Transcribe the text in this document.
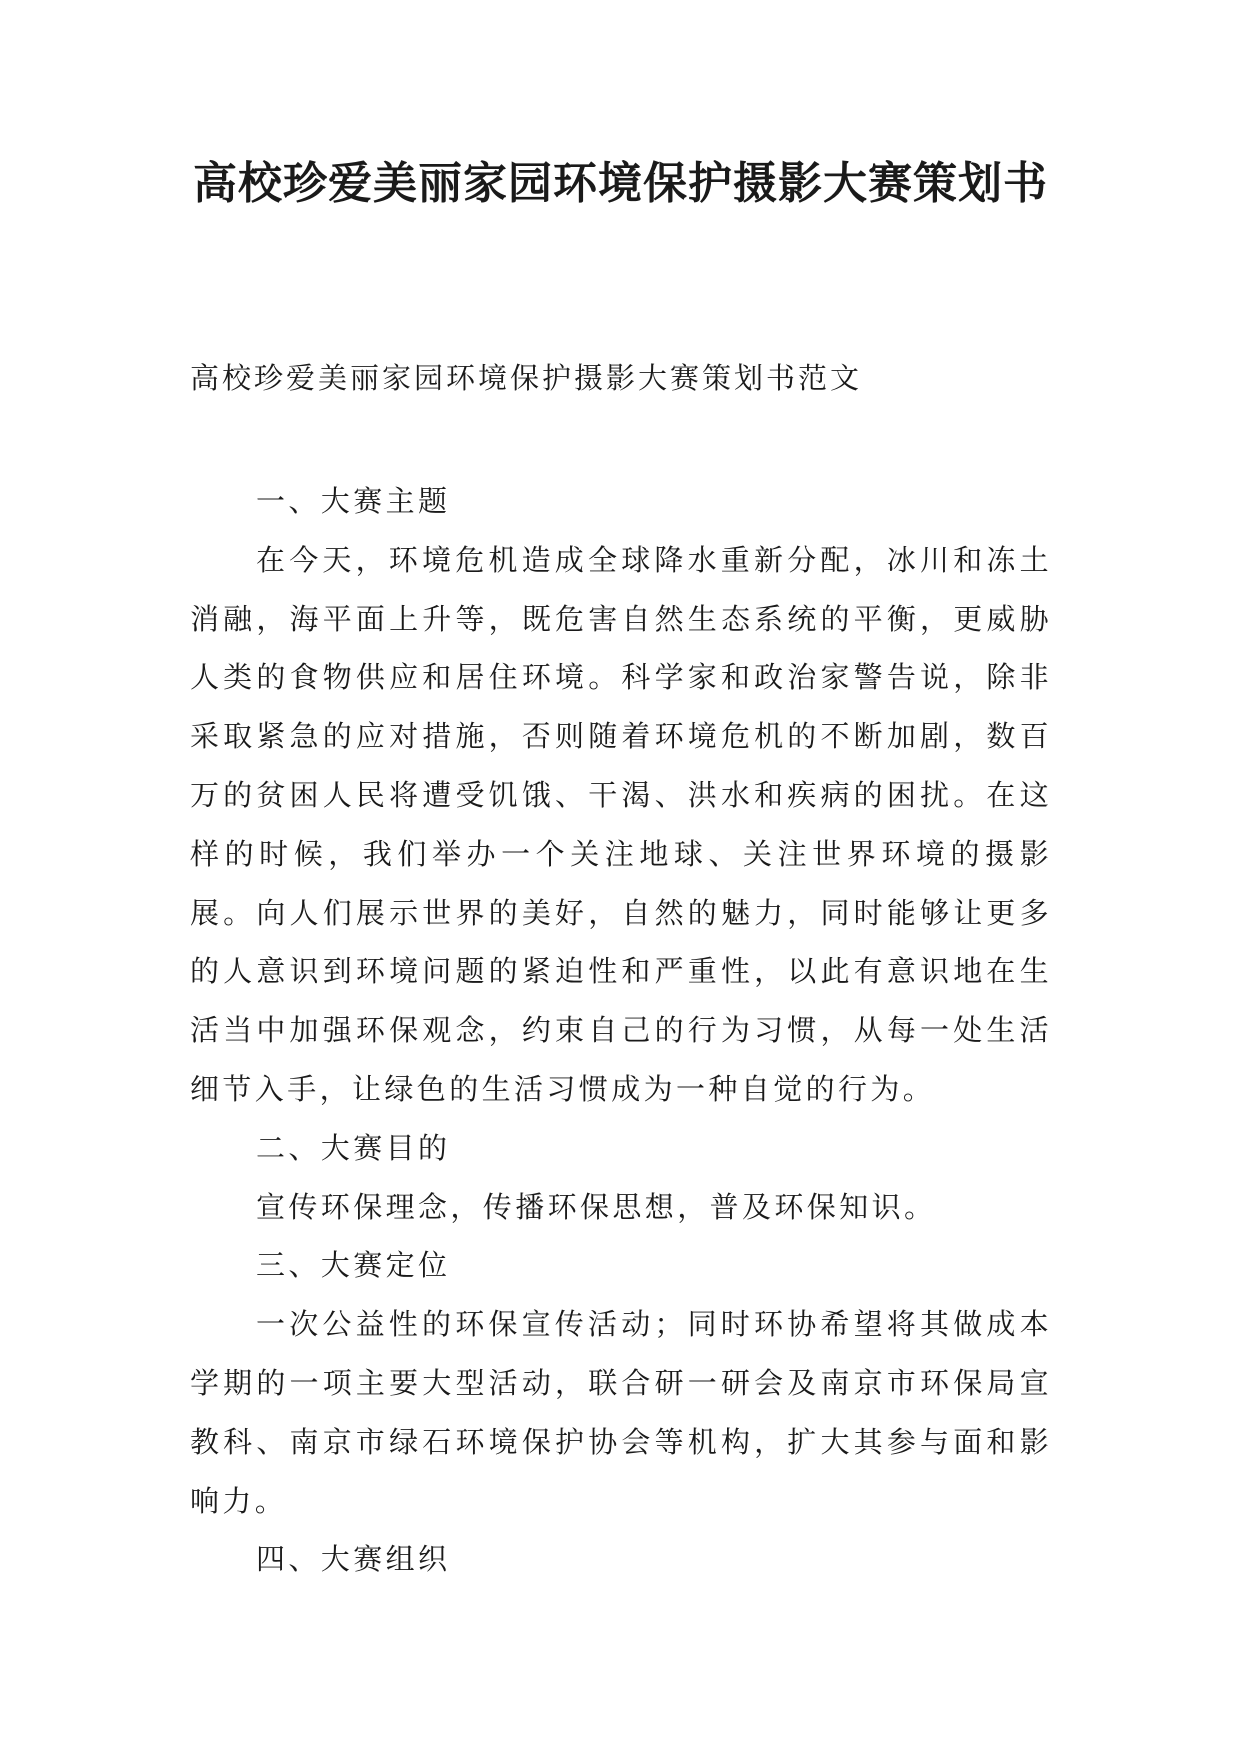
高校珍爱美丽家园环境保护摄影大赛策划书

高校珍爱美丽家园环境保护摄影大赛策划书范文

一、大赛主题

在今天，环境危机造成全球降水重新分配，冰川和冻土消融，海平面上升等，既危害自然生态系统的平衡，更威胁人类的食物供应和居住环境。科学家和政治家警告说，除非采取紧急的应对措施，否则随着环境危机的不断加剧，数百万的贫困人民将遭受饥饿、干渴、洪水和疾病的困扰。在这样的时候，我们举办一个关注地球、关注世界环境的摄影展。向人们展示世界的美好，自然的魅力，同时能够让更多的人意识到环境问题的紧迫性和严重性，以此有意识地在生活当中加强环保观念，约束自己的行为习惯，从每一处生活细节入手，让绿色的生活习惯成为一种自觉的行为。

二、大赛目的

宣传环保理念，传播环保思想，普及环保知识。

三、大赛定位

一次公益性的环保宣传活动；同时环协希望将其做成本学期的一项主要大型活动，联合研一研会及南京市环保局宣教科、南京市绿石环境保护协会等机构，扩大其参与面和影响力。

四、大赛组织
